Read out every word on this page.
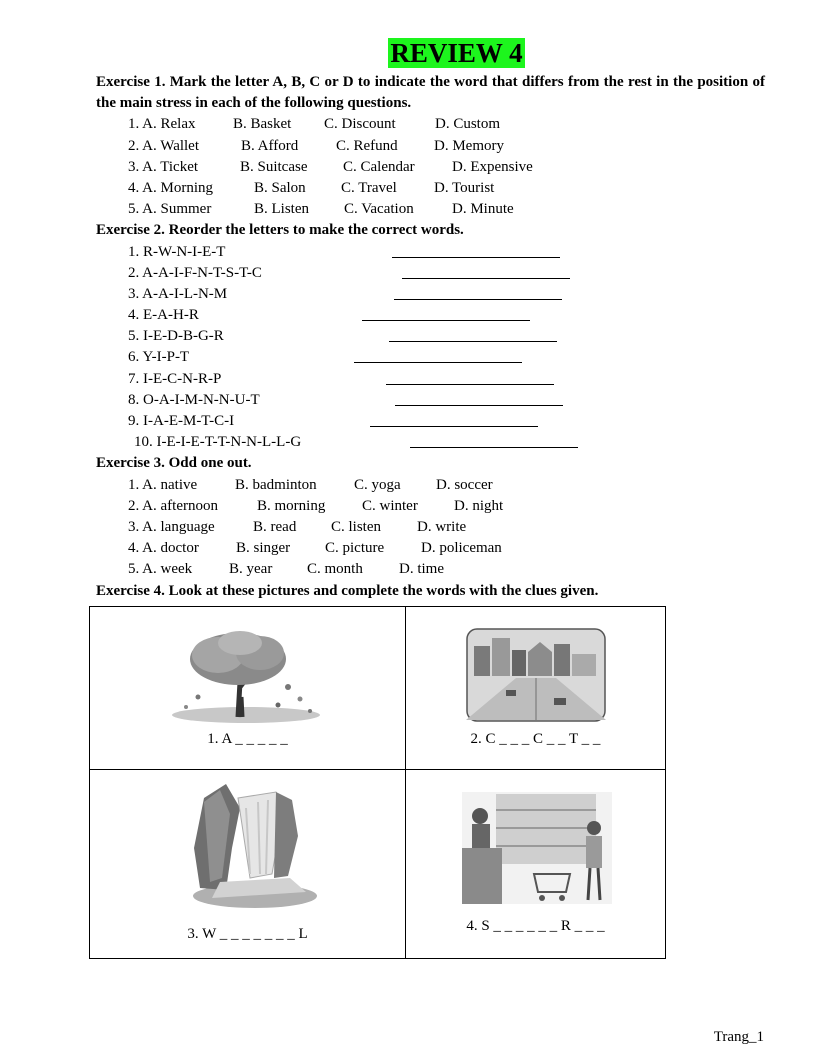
REVIEW 4
Exercise 1. Mark the letter A, B, C or D to indicate the word that differs from the rest in the position of the main stress in each of the following questions.
1. A. Relax	B. Basket C. Discount	D. Custom
2. A. Wallet	B. Afford	C. Refund D. Memory
3. A. Ticket	B. Suitcase C. Calendar D. Expensive
4. A. Morning	B. Salon C. Travel D. Tourist
5. A. Summer	B. Listen C. Vacation	D. Minute
Exercise 2. Reorder the letters to make the correct words.
1. R-W-N-I-E-T
2. A-A-I-F-N-T-S-T-C
3. A-A-I-L-N-M
4. E-A-H-R
5. I-E-D-B-G-R
6. Y-I-P-T
7. I-E-C-N-R-P
8. O-A-I-M-N-N-U-T
9. I-A-E-M-T-C-I
10. I-E-I-E-T-T-N-N-L-L-G
Exercise 3. Odd one out.
1. A. native	B. badminton C. yoga D. soccer
2. A. afternoon	B. morning C. winter D. night
3. A. language	B. read C. listen D. write
4. A. doctor B. singer C. picture D. policeman
5. A. week B. year C. month D. time
Exercise 4. Look at these pictures and complete the words with the clues given.
1. A _ _ _ _ _	2. C _ _ _ C _ _ T _ _

3. W _ _ _ _ _ _ _ L	4. S _ _ _ _ _ _ R _ _ _
Trang_1
